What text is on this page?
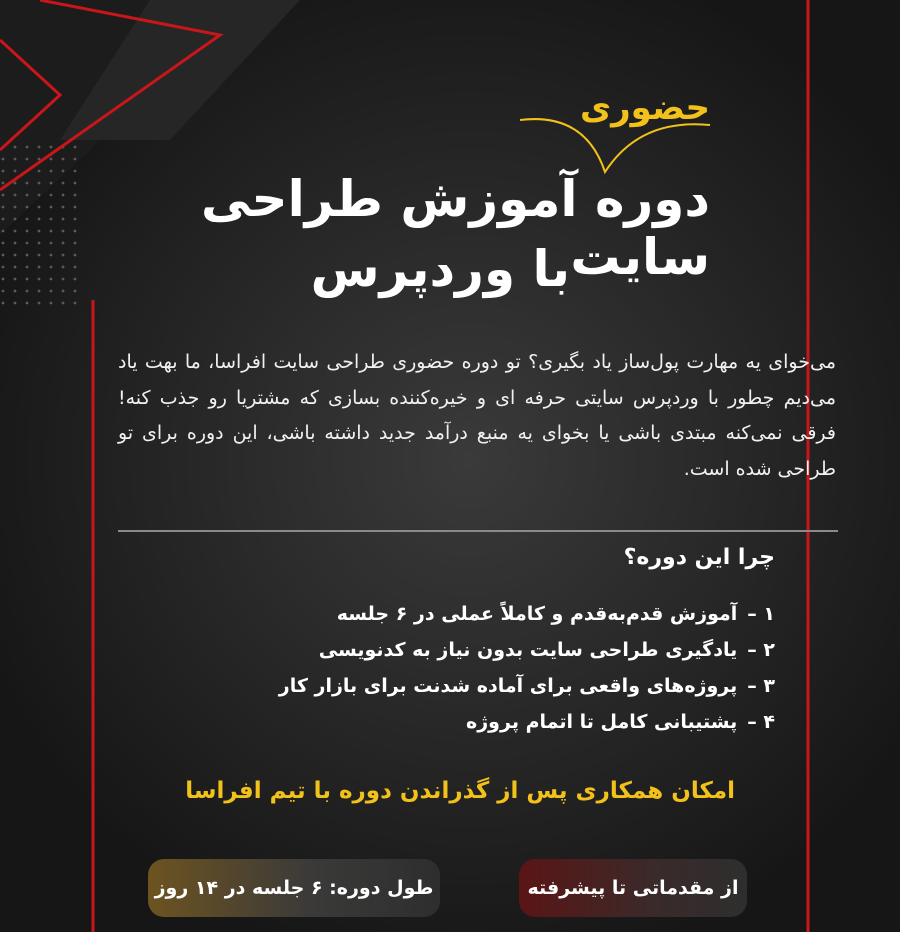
حضوری
دوره آموزش طراحی سایت
با وردپرس
می‌خوای یه مهارت پول‌ساز یاد بگیری؟ تو دوره حضوری طراحی سایت افراسا، ما بهت یاد می‌دیم چطور با وردپرس سایتی حرفه ای و خیره‌کننده بسازی که مشتریا رو جذب کنه! فرقی نمی‌کنه مبتدی باشی یا بخوای یه منبع درآمد جدید داشته باشی، این دوره برای تو طراحی شده است.
چرا این دوره؟
۱ –آموزش قدم‌به‌قدم و کاملاً عملی در ۶ جلسه
۲ –یادگیری طراحی سایت بدون نیاز به کدنویسی
۳ –پروژه‌های واقعی برای آماده شدنت برای بازار کار
۴ –پشتیبانی کامل تا اتمام پروژه
امکان همکاری پس از گذراندن دوره با تیم افراسا
از مقدماتی تا پیشرفته
طول دوره: ۶ جلسه در ۱۴ روز
